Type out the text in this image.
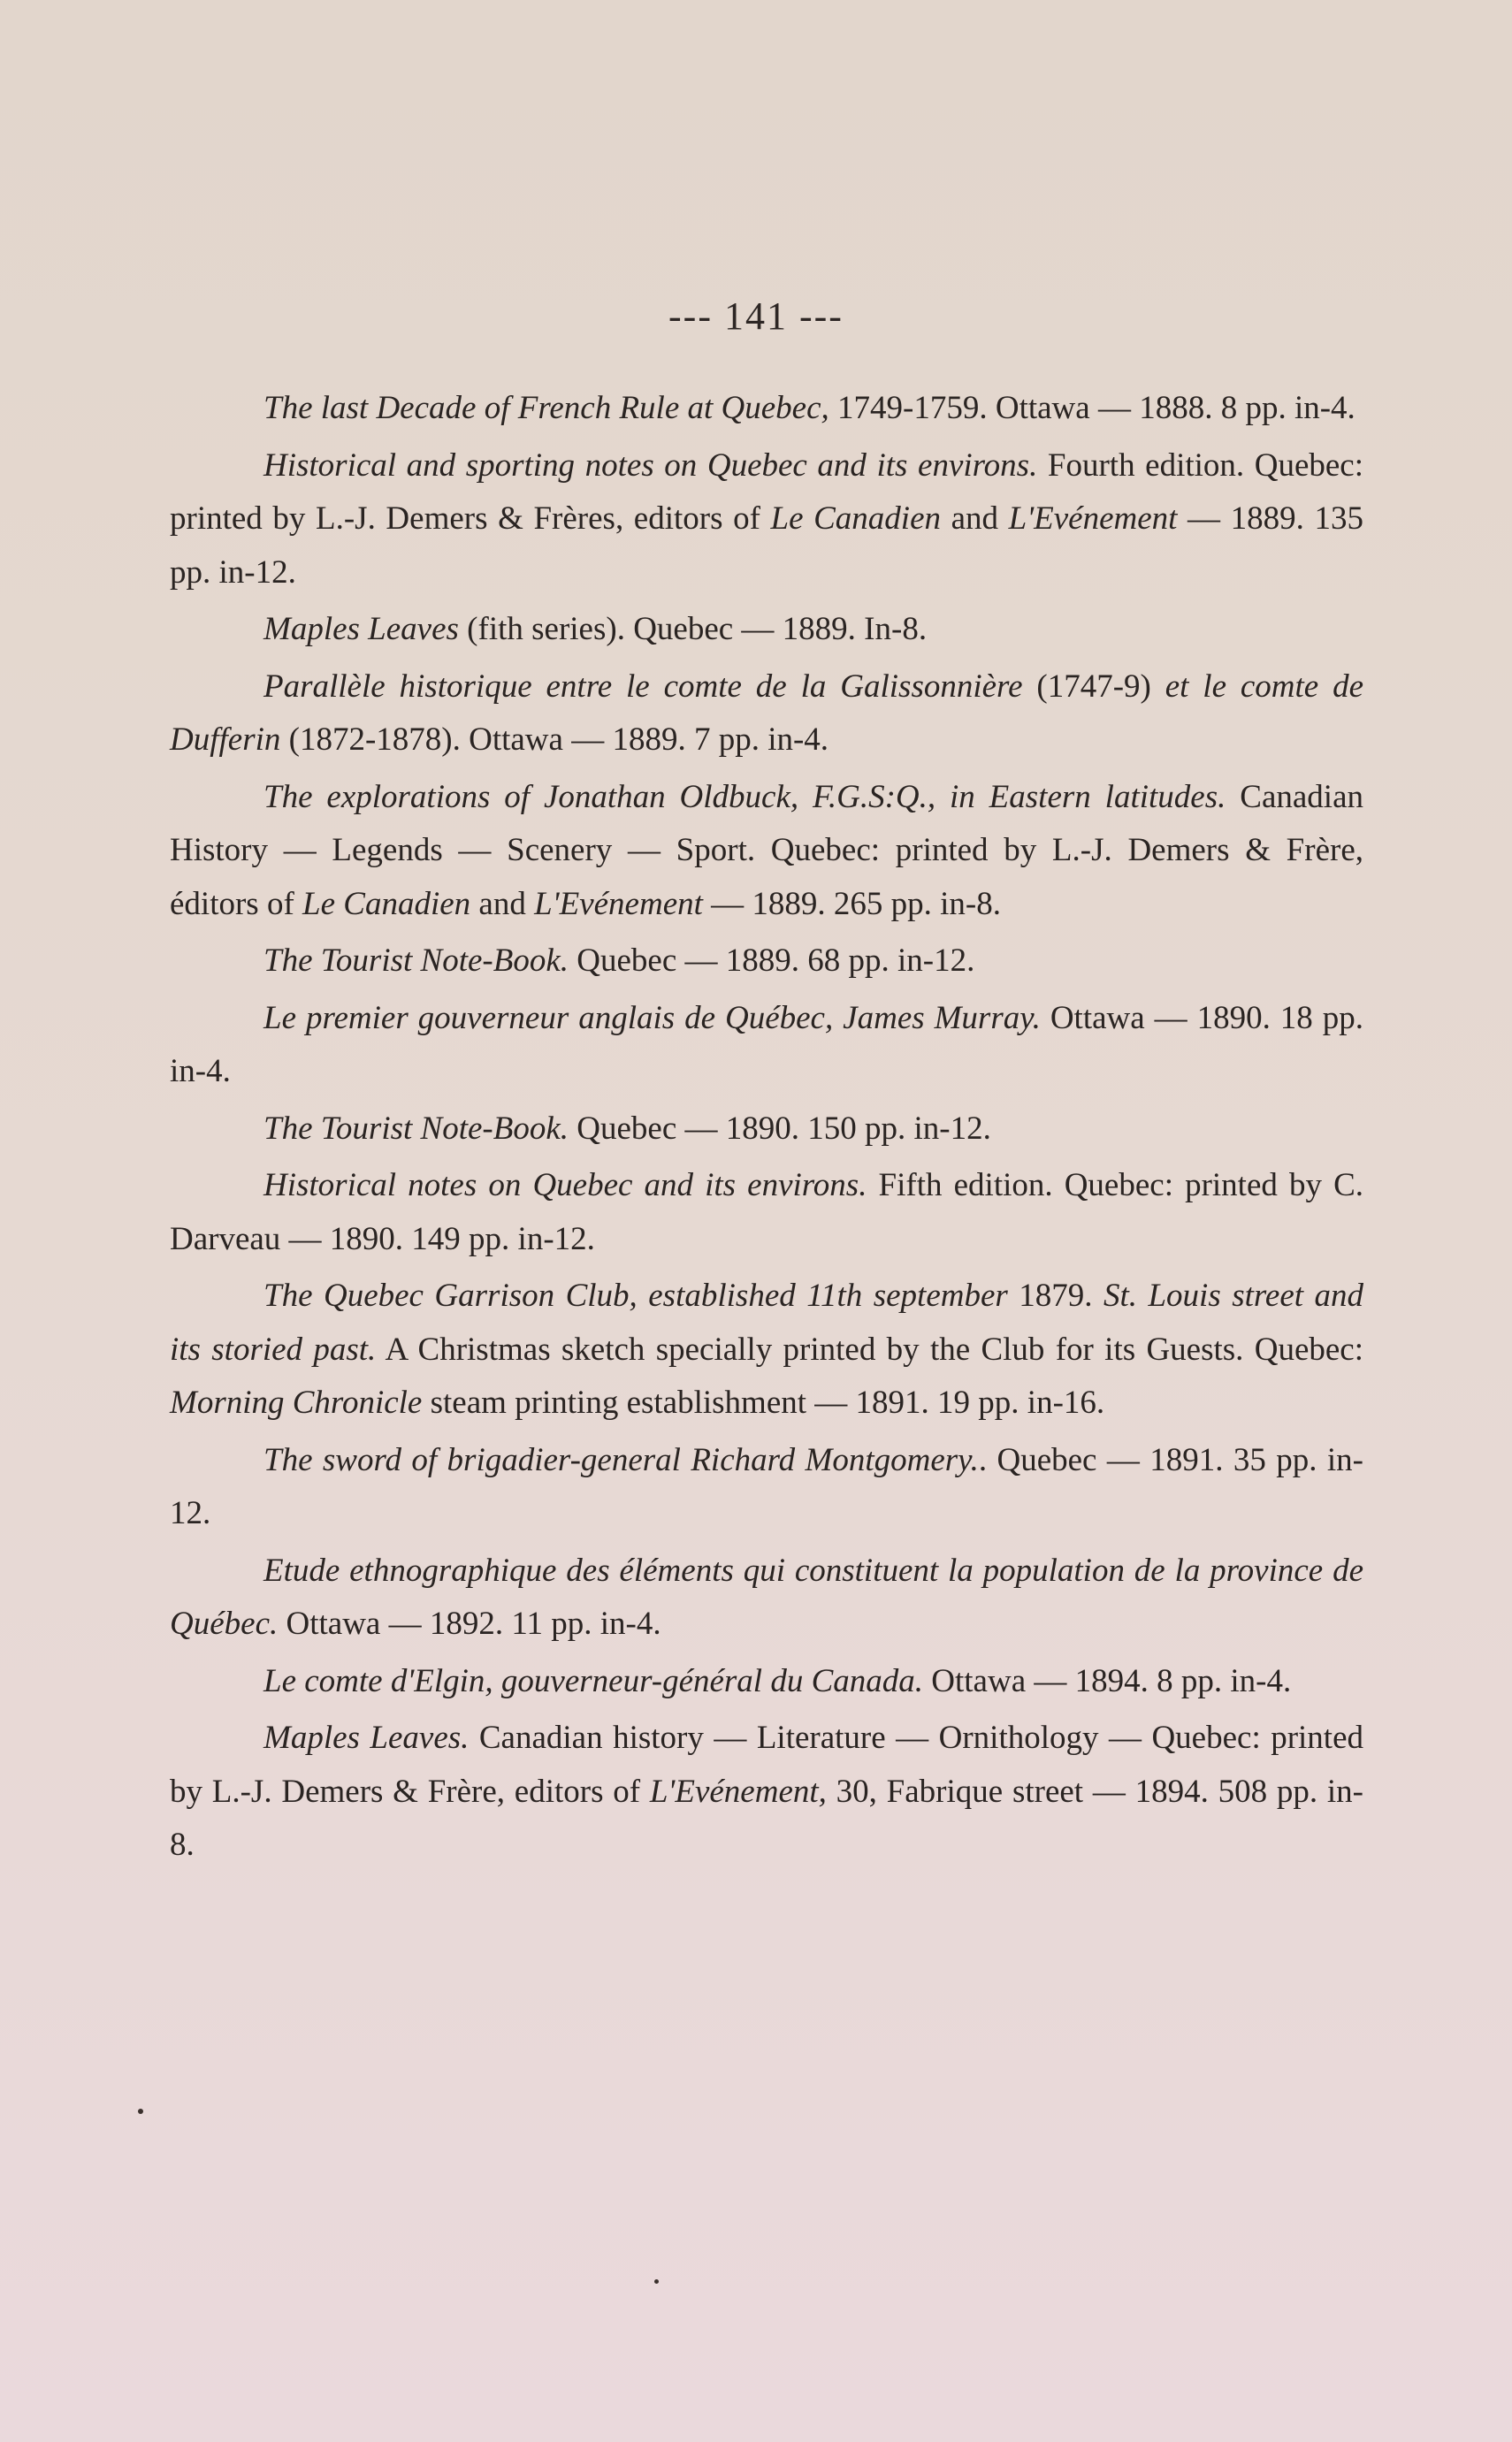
--- 141 ---

The last Decade of French Rule at Quebec, 1749-1759. Ottawa — 1888. 8 pp. in-4.

Historical and sporting notes on Quebec and its environs. Fourth edition. Quebec: printed by L.-J. Demers & Frères, editors of Le Canadien and L'Evénement — 1889. 135 pp. in-12.

Maples Leaves (fith series). Quebec — 1889. In-8.

Parallèle historique entre le comte de la Galissonnière (1747-9) et le comte de Dufferin (1872-1878). Ottawa — 1889. 7 pp. in-4.

The explorations of Jonathan Oldbuck, F.G.S:Q., in Eastern latitudes. Canadian History — Legends — Scenery — Sport. Quebec: printed by L.-J. Demers & Frère, éditors of Le Canadien and L'Evénement — 1889. 265 pp. in-8.

The Tourist Note-Book. Quebec — 1889. 68 pp. in-12.

Le premier gouverneur anglais de Québec, James Murray. Ottawa — 1890. 18 pp. in-4.

The Tourist Note-Book. Quebec — 1890. 150 pp. in-12.

Historical notes on Quebec and its environs. Fifth edition. Quebec: printed by C. Darveau — 1890. 149 pp. in-12.

The Quebec Garrison Club, established 11th september 1879. St. Louis street and its storied past. A Christmas sketch specially printed by the Club for its Guests. Quebec: Morning Chronicle steam printing establishment — 1891. 19 pp. in-16.

The sword of brigadier-general Richard Montgomery.. Quebec — 1891. 35 pp. in-12.

Etude ethnographique des éléments qui constituent la population de la province de Québec. Ottawa — 1892. 11 pp. in-4.

Le comte d'Elgin, gouverneur-général du Canada. Ottawa — 1894. 8 pp. in-4.

Maples Leaves. Canadian history — Literature — Ornithology — Quebec: printed by L.-J. Demers & Frère, editors of L'Evénement, 30, Fabrique street — 1894. 508 pp. in-8.
